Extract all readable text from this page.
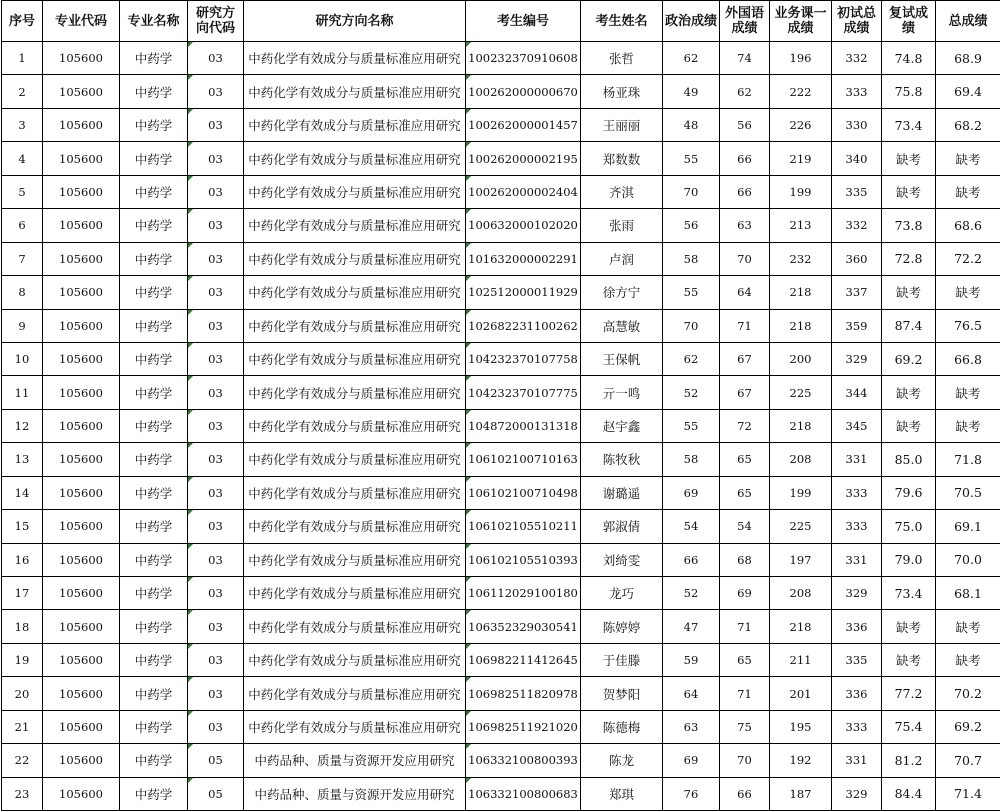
序号	专业代码	专业名称	研究方向代码	研究方向名称	考生编号	考生姓名	政治成绩	外国语成绩	业务课一成绩	初试总成绩	复试成绩	总成绩
1	105600	中药学	03	中药化学有效成分与质量标准应用研究	100232370910608	张哲	62	74	196	332	74.8	68.9
2	105600	中药学	03	中药化学有效成分与质量标准应用研究	100262000000670	杨亚珠	49	62	222	333	75.8	69.4
3	105600	中药学	03	中药化学有效成分与质量标准应用研究	100262000001457	王丽丽	48	56	226	330	73.4	68.2
4	105600	中药学	03	中药化学有效成分与质量标准应用研究	100262000002195	郑数数	55	66	219	340	缺考	缺考
5	105600	中药学	03	中药化学有效成分与质量标准应用研究	100262000002404	齐淇	70	66	199	335	缺考	缺考
6	105600	中药学	03	中药化学有效成分与质量标准应用研究	100632000102020	张雨	56	63	213	332	73.8	68.6
7	105600	中药学	03	中药化学有效成分与质量标准应用研究	101632000002291	卢润	58	70	232	360	72.8	72.2
8	105600	中药学	03	中药化学有效成分与质量标准应用研究	102512000011929	徐方宁	55	64	218	337	缺考	缺考
9	105600	中药学	03	中药化学有效成分与质量标准应用研究	102682231100262	高慧敏	70	71	218	359	87.4	76.5
10	105600	中药学	03	中药化学有效成分与质量标准应用研究	104232370107758	王保帆	62	67	200	329	69.2	66.8
11	105600	中药学	03	中药化学有效成分与质量标准应用研究	104232370107775	亓一鸣	52	67	225	344	缺考	缺考
12	105600	中药学	03	中药化学有效成分与质量标准应用研究	104872000131318	赵宇鑫	55	72	218	345	缺考	缺考
13	105600	中药学	03	中药化学有效成分与质量标准应用研究	106102100710163	陈牧秋	58	65	208	331	85.0	71.8
14	105600	中药学	03	中药化学有效成分与质量标准应用研究	106102100710498	谢璐遥	69	65	199	333	79.6	70.5
15	105600	中药学	03	中药化学有效成分与质量标准应用研究	106102105510211	郭淑倩	54	54	225	333	75.0	69.1
16	105600	中药学	03	中药化学有效成分与质量标准应用研究	106102105510393	刘绮雯	66	68	197	331	79.0	70.0
17	105600	中药学	03	中药化学有效成分与质量标准应用研究	106112029100180	龙巧	52	69	208	329	73.4	68.1
18	105600	中药学	03	中药化学有效成分与质量标准应用研究	106352329030541	陈婷婷	47	71	218	336	缺考	缺考
19	105600	中药学	03	中药化学有效成分与质量标准应用研究	106982211412645	于佳滕	59	65	211	335	缺考	缺考
20	105600	中药学	03	中药化学有效成分与质量标准应用研究	106982511820978	贺梦阳	64	71	201	336	77.2	70.2
21	105600	中药学	03	中药化学有效成分与质量标准应用研究	106982511921020	陈德梅	63	75	195	333	75.4	69.2
22	105600	中药学	05	中药品种、质量与资源开发应用研究	106332100800393	陈龙	69	70	192	331	81.2	70.7
23	105600	中药学	05	中药品种、质量与资源开发应用研究	106332100800683	郑琪	76	66	187	329	84.4	71.4
